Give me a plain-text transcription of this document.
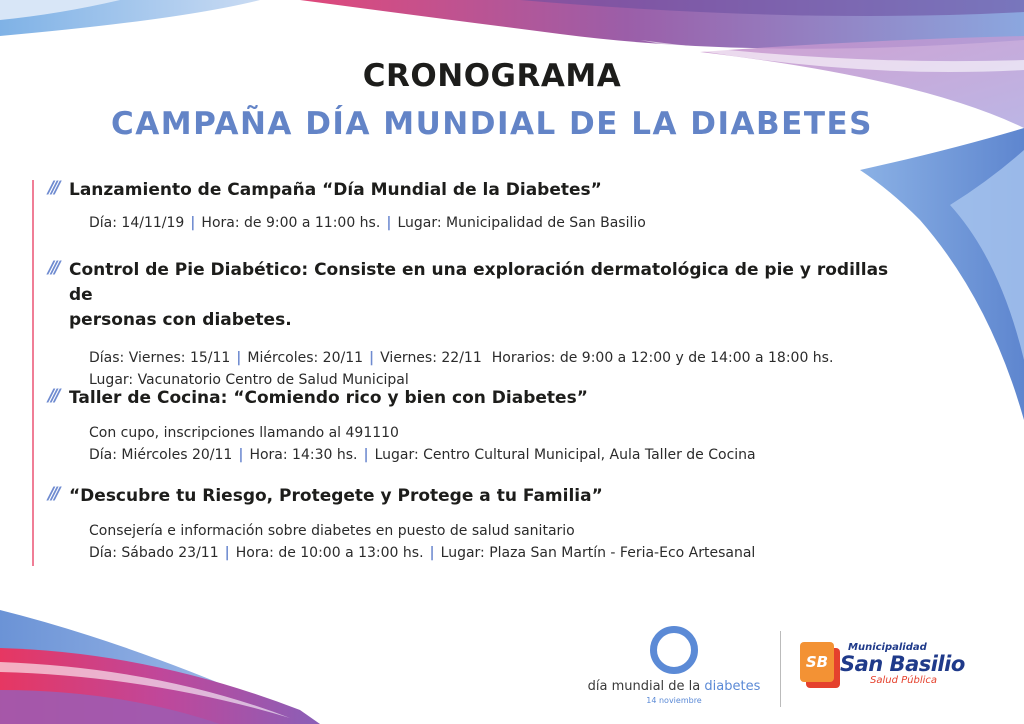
CRONOGRAMA
CAMPAÑA DÍA MUNDIAL DE LA DIABETES
/// Lanzamiento de Campaña “Día Mundial de la Diabetes”
Día: 14/11/19 | Hora: de 9:00 a 11:00 hs. | Lugar: Municipalidad de San Basilio
/// Control de Pie Diabético: Consiste en una exploración dermatológica de pie y rodillas de
personas con diabetes.
Días: Viernes: 15/11 | Miércoles: 20/11 | Viernes: 22/11 Horarios: de 9:00 a 12:00 y de 14:00 a 18:00 hs.
Lugar: Vacunatorio Centro de Salud Municipal
/// Taller de Cocina: “Comiendo rico y bien con Diabetes”
Con cupo, inscripciones llamando al 491110
Día: Miércoles 20/11 | Hora: 14:30 hs. | Lugar: Centro Cultural Municipal, Aula Taller de Cocina
/// “Descubre tu Riesgo, Protegete y Protege a tu Familia”
Consejería e información sobre diabetes en puesto de salud sanitario
Día: Sábado 23/11 | Hora: de 10:00 a 13:00 hs. | Lugar: Plaza San Martín - Feria-Eco Artesanal
día mundial de la diabetes
14 noviembre
SB
Municipalidad
San Basilio
Salud Pública
